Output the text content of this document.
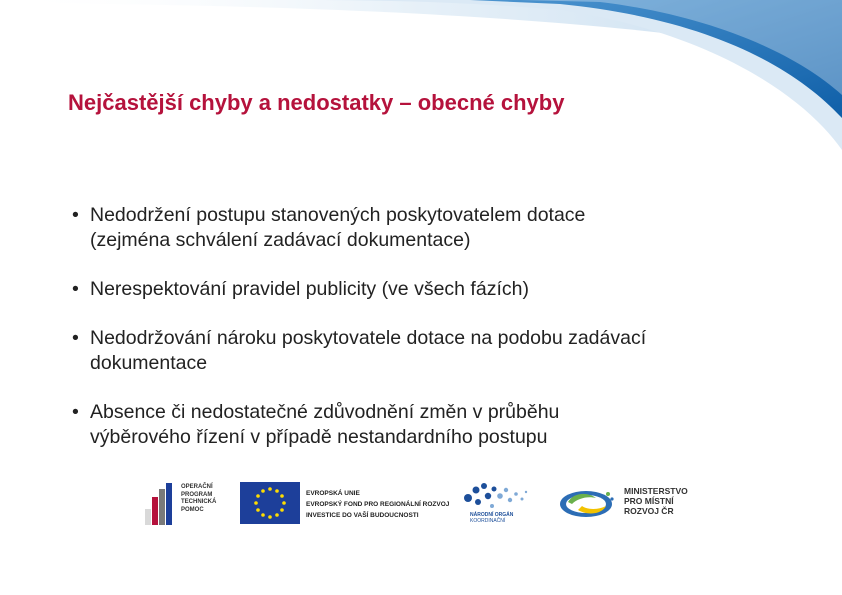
Nejčastější chyby a nedostatky – obecné chyby
• Nedodržení postupu stanovených poskytovatelem dotace
(zejména schválení zadávací dokumentace)
• Nerespektování pravidel publicity (ve všech fázích)
• Nedodržování nároku poskytovatele dotace na podobu zadávací
dokumentace
• Absence či nedostatečné zdůvodnění změn v průběhu
výběrového řízení v případě nestandardního postupu
OPERAČNÍ
PROGRAM
TECHNICKÁ
POMOC
EVROPSKÁ UNIE
EVROPSKÝ FOND PRO REGIONÁLNÍ ROZVOJ
INVESTICE DO VAŠÍ BUDOUCNOSTI	NÁRODNÍ ORGÁN
KOORDINAČNÍ
MINISTERSTVO
PRO MÍSTNÍ
ROZVOJ ČR
